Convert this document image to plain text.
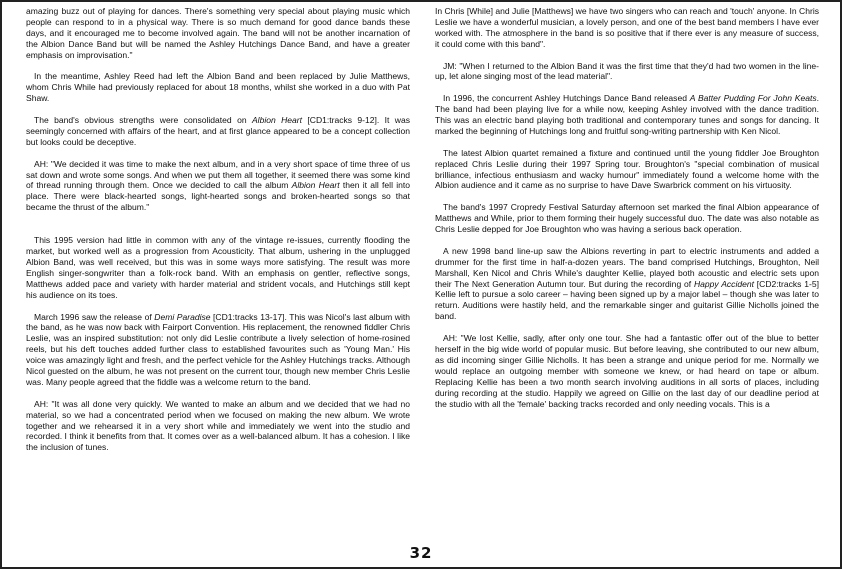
amazing buzz out of playing for dances. There's something very special about playing music which people can respond to in a physical way. There is so much demand for good dance bands these days, and it encouraged me to become involved again. The band will not be another incarnation of the Albion Dance Band but will be named the Ashley Hutchings Dance Band, and have a greater emphasis on improvisation."

In the meantime, Ashley Reed had left the Albion Band and been replaced by Julie Matthews, whom Chris While had previously replaced for about 18 months, whilst she worked in a duo with Pat Shaw.

The band's obvious strengths were consolidated on Albion Heart [CD1:tracks 9-12]. It was seemingly concerned with affairs of the heart, and at first glance appeared to be a concept collection but looks could be deceptive.

AH: "We decided it was time to make the next album, and in a very short space of time three of us sat down and wrote some songs. And when we put them all together, it seemed there was some kind of thread running through them. Once we decided to call the album Albion Heart then it all fell into place. There were black-hearted songs, light-hearted songs and broken-hearted songs so that became the thrust of the album."

This 1995 version had little in common with any of the vintage re-issues, currently flooding the market, but worked well as a progression from Acousticity. That album, ushering in the unplugged Albion Band, was well received, but this was in some ways more satisfying. The result was more English singer-songwriter than a folk-rock band. With an emphasis on gentler, reflective songs, Matthews added pace and variety with harder material and strident vocals, and Hutchings still kept his audience on its toes.

March 1996 saw the release of Demi Paradise [CD1:tracks 13-17]. This was Nicol's last album with the band, as he was now back with Fairport Convention. His replacement, the renowned fiddler Chris Leslie, was an inspired substitution: not only did Leslie contribute a lively selection of home-rosined reels, but his deft touches added further class to established favourites such as 'Young Man.' His voice was amazingly light and fresh, and the perfect vehicle for the Ashley Hutchings tracks. Although Nicol guested on the album, he was not present on the current tour, though new member Chris Leslie was. Many people agreed that the fiddle was a welcome return to the band.

AH: "It was all done very quickly. We wanted to make an album and we decided that we had no material, so we had a concentrated period when we focused on making the new album. We wrote together and we rehearsed it in a very short while and immediately we went into the studio and recorded. I think it benefits from that. It comes over as a well-balanced album. It has a cohesion. I like the inclusion of tunes.

In Chris [While] and Julie [Matthews] we have two singers who can reach and 'touch' anyone. In Chris Leslie we have a wonderful musician, a lovely person, and one of the best band members I have ever worked with. The atmosphere in the band is so positive that if there ever is any measure of success, it could come with this band".

JM: "When I returned to the Albion Band it was the first time that they'd had two women in the line-up, let alone singing most of the lead material".

In 1996, the concurrent Ashley Hutchings Dance Band released A Batter Pudding For John Keats. The band had been playing live for a while now, keeping Ashley involved with the dance tradition. This was an electric band playing both traditional and contemporary tunes and songs for dancing. It marked the beginning of Hutchings long and fruitful song-writing partnership with Ken Nicol.

The latest Albion quartet remained a fixture and continued until the young fiddler Joe Broughton replaced Chris Leslie during their 1997 Spring tour. Broughton's "special combination of musical brilliance, infectious enthusiasm and wacky humour" immediately found a welcome home with the Albion audience and it came as no surprise to have Dave Swarbrick comment on his virtuosity.

The band's 1997 Cropredy Festival Saturday afternoon set marked the final Albion appearance of Matthews and While, prior to them forming their hugely successful duo. The date was also notable as Chris Leslie depped for Joe Broughton who was having a serious back operation.

A new 1998 band line-up saw the Albions reverting in part to electric instruments and added a drummer for the first time in half-a-dozen years. The band comprised Hutchings, Broughton, Neil Marshall, Ken Nicol and Chris While's daughter Kellie, played both acoustic and electric sets upon their The Next Generation Autumn tour. But during the recording of Happy Accident [CD2:tracks 1-5] Kellie left to pursue a solo career – having been signed up by a major label – though she was later to return. Auditions were hastily held, and the remarkable singer and guitarist Gillie Nicholls joined the band.

AH: "We lost Kellie, sadly, after only one tour. She had a fantastic offer out of the blue to better herself in the big wide world of popular music. But before leaving, she contributed to our new album, as did incoming singer Gillie Nicholls. It has been a strange and unique period for me. Normally we would replace an outgoing member with someone we knew, or had heard on tape or album. Replacing Kellie has been a two month search involving auditions in all sorts of places, including during recording at the studio. Happily we agreed on Gillie on the last day of our deadline period at the studio with all the 'female' backing tracks recorded and only needing vocals. This is a

32
